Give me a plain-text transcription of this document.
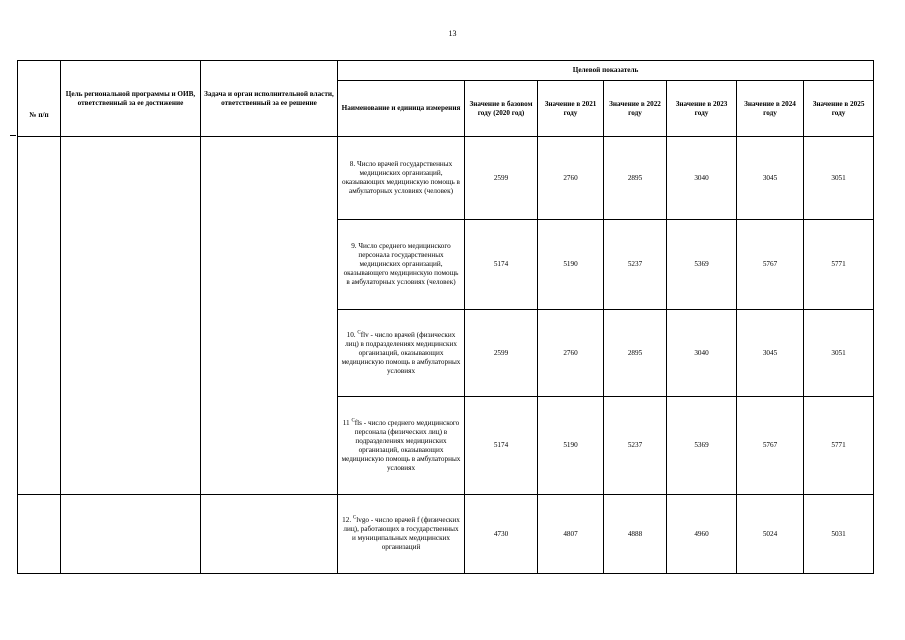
13
№ п/п	Цель региональной программы и ОИВ, ответственный за ее достижение	Задача и орган исполнительной власти, ответственный за ее решение	Целевой показатель						
			Наименование и единица измерения	Значение в базовом году (2020 год)	Значение в 2021 году	Значение в 2022 году	Значение в 2023 году	Значение в 2024 году	Значение в 2025 году
			8. Число врачей государственных медицинских организаций, оказывающих медицинскую помощь в амбулаторных условиях (человек)	2599	2760	2895	3040	3045	3051
			9. Число среднего медицинского персонала государственных медицинских организаций, оказывающего медицинскую помощь в амбулаторных условиях (человек)	5174	5190	5237	5369	5767	5771
			10. $^C$flv - число врачей (физических лиц) в подразделениях медицинских организаций, оказывающих медицинскую помощь в амбулаторных условиях	2599	2760	2895	3040	3045	3051
			11 $^C$fls - число среднего медицинского персонала (физических лиц) в подразделениях медицинских организаций, оказывающих медицинскую помощь в амбулаторных условиях	5174	5190	5237	5369	5767	5771
			12. $^C$lvgo - число врачей f (физических лиц), работающих в государственных и муниципальных медицинских организаций	4730	4807	4888	4960	5024	5031
